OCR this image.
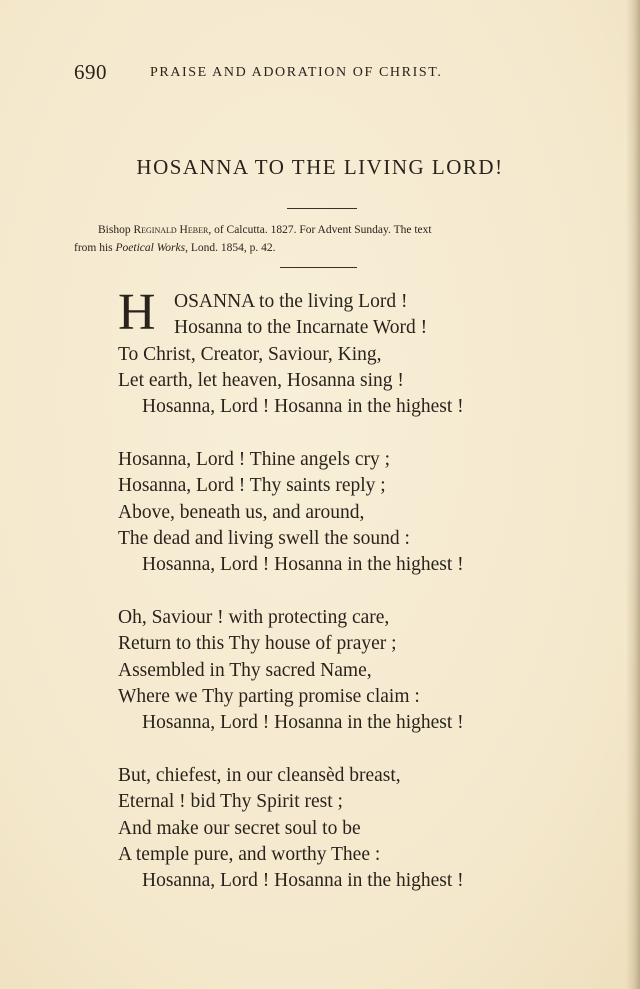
690	PRAISE AND ADORATION OF CHRIST.
HOSANNA TO THE LIVING LORD!
Bishop Reginald Heber, of Calcutta. 1827. For Advent Sunday. The text
from his Poetical Works, Lond. 1854, p. 42.
H OSANNA to the living Lord !
Hosanna to the Incarnate Word !
To Christ, Creator, Saviour, King,
Let earth, let heaven, Hosanna sing !
Hosanna, Lord ! Hosanna in the highest !
Hosanna, Lord ! Thine angels cry ;
Hosanna, Lord ! Thy saints reply ;
Above, beneath us, and around,
The dead and living swell the sound :
Hosanna, Lord ! Hosanna in the highest !
Oh, Saviour ! with protecting care,
Return to this Thy house of prayer ;
Assembled in Thy sacred Name,
Where we Thy parting promise claim :
Hosanna, Lord ! Hosanna in the highest !
But, chiefest, in our cleansèd breast,
Eternal ! bid Thy Spirit rest ;
And make our secret soul to be
A temple pure, and worthy Thee :
Hosanna, Lord ! Hosanna in the highest !
